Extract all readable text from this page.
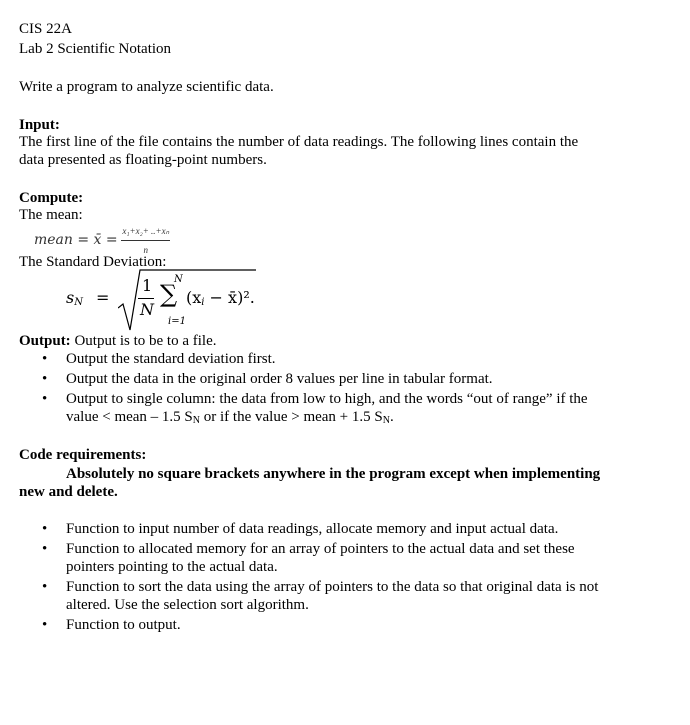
CIS 22A
Lab 2 Scientific Notation
Write a program to analyze scientific data.
Input:
The first line of the file contains the number of data readings. The following lines contain the
data presented as floating-point numbers.
Compute:
The mean:
mean = x̄ = $\frac{\text{x₁+x₂+ ..+xₙ}}{n}$
The Standard Deviation:
$s_N$ =
1
N
N
∑
i=1
($x_i$ − x̄)².
Output: Output is to be to a file.
• Output the standard deviation first.
• Output the data in the original order 8 values per line in tabular format.
• Output to single column: the data from low to high, and the words “out of range” if the
value < mean – 1.5 $S_N$ or if the value > mean + 1.5 $S_N$.
Code requirements:
Absolutely no square brackets anywhere in the program except when implementing
new and delete.
• Function to input number of data readings, allocate memory and input actual data.
• Function to allocated memory for an array of pointers to the actual data and set these
pointers pointing to the actual data.
• Function to sort the data using the array of pointers to the data so that original data is not
altered. Use the selection sort algorithm.
• Function to output.
